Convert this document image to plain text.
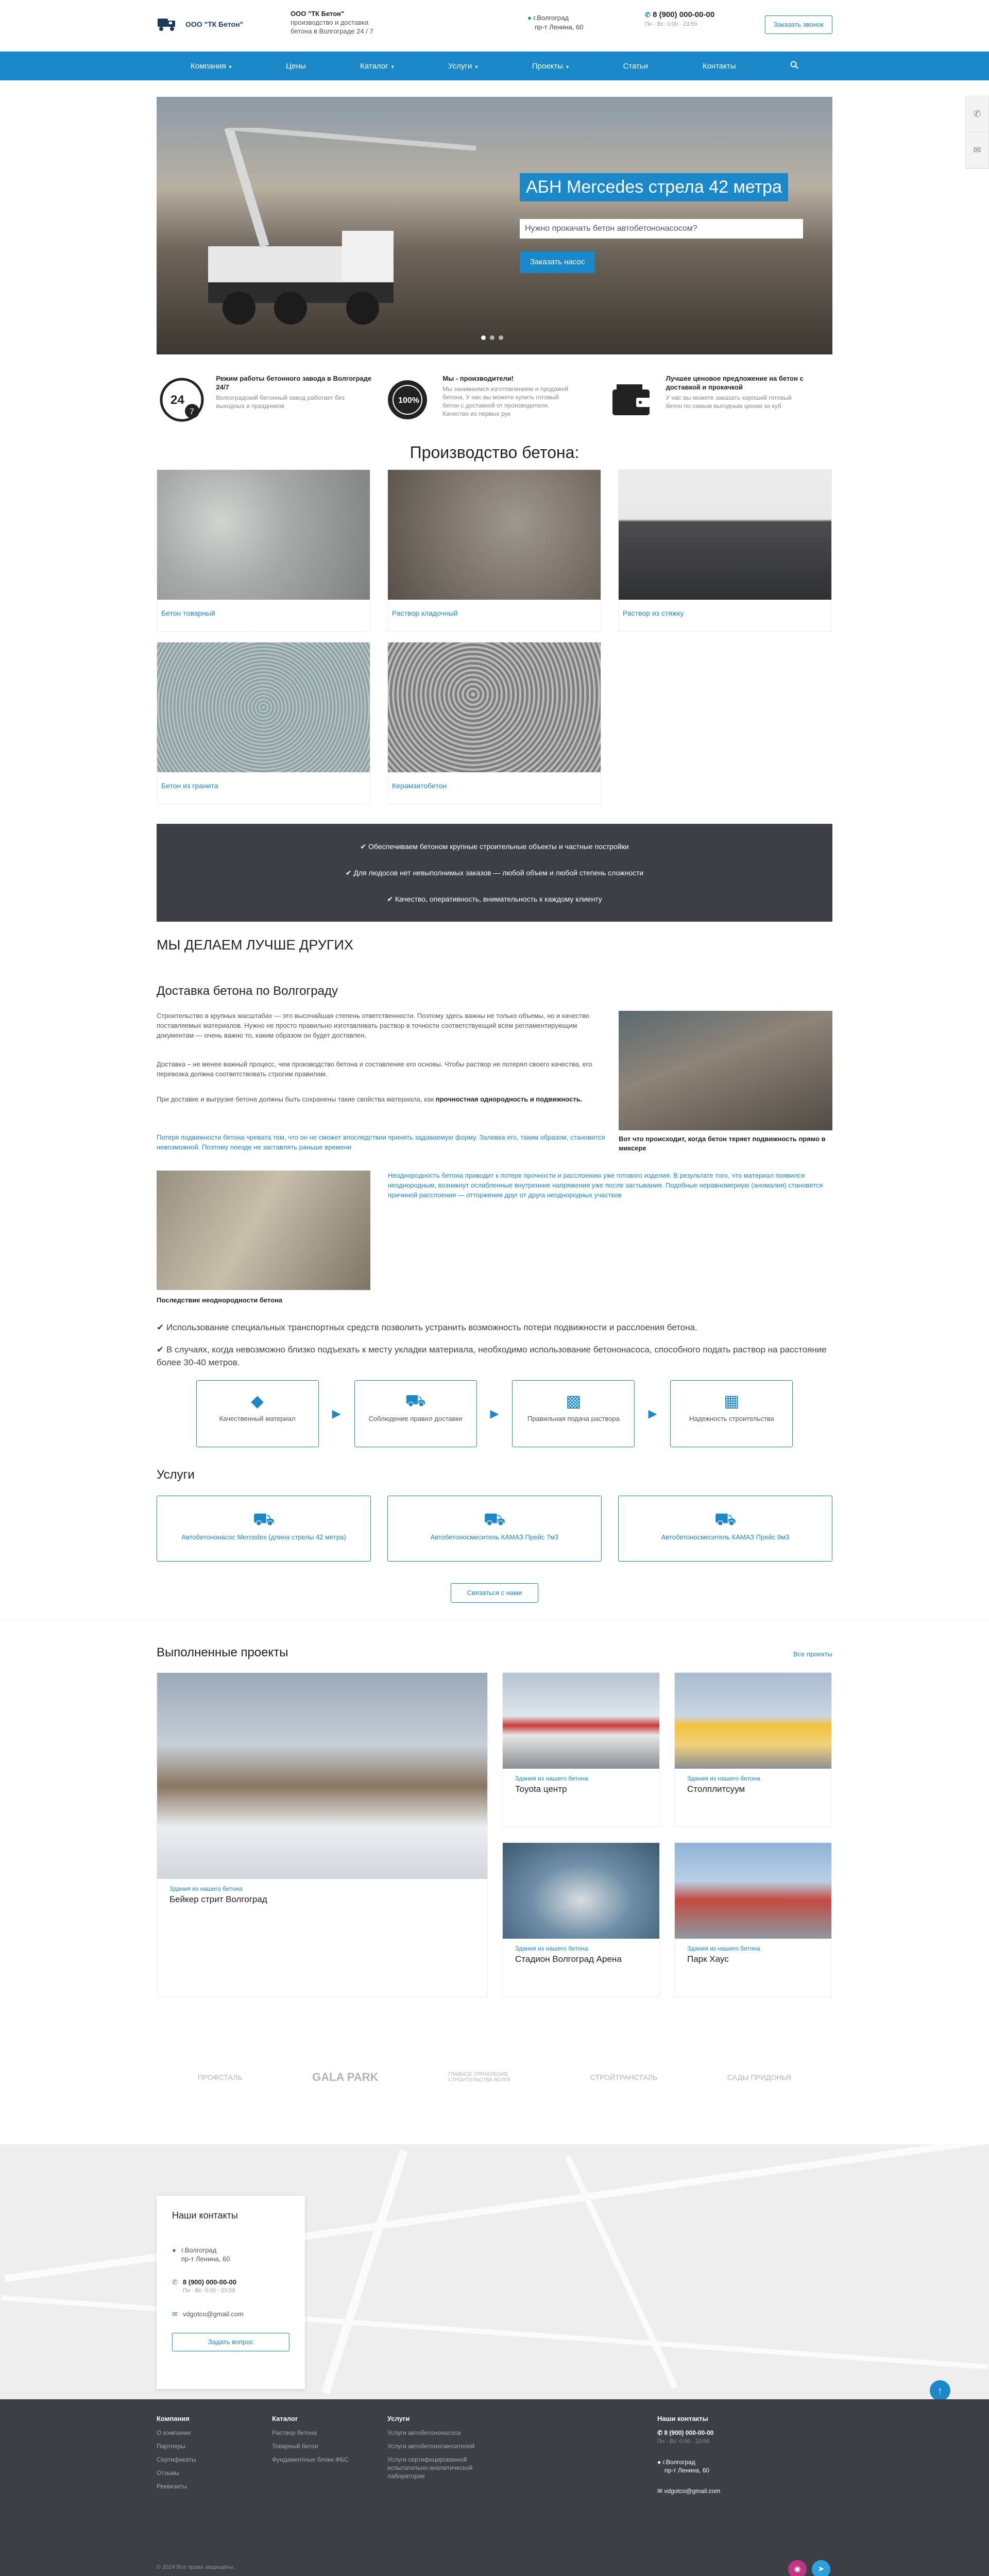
ООО "ТК Бетон"
ООО "ТК Бетон"
производство и доставка
бетона в Волгограде 24 / 7
● г.Волгоград
пр-т Ленина, 60
✆ 8 (900) 000-00-00
Пн - Вс: 0:00 - 23:59	Заказать звонок
Компания ▾	Цены	Каталог ▾	Услуги ▾	Проекты ▾	Статьи	Контакты
✆
✉
АБН Mercedes стрела 42 метра
Нужно прокачать бетон автобетононасосом?
Заказать насос
24
7
Режим работы бетонного завода в Волгограде 24/7

Волгоградский бетонный завод работает без выходных и праздников

100%
Мы - производители!

Мы занимаемся изготовлением и продажей бетона. У нас вы можете купить готовый бетон с доставкой от производителя. Качество из первых рук

Лучшее ценовое предложение на бетон с доставкой и прокачкой

У нас вы можете заказать хороший готовый бетон по самым выгодным ценам за куб

Производство бетона:
Бетон товарный	Раствор кладочный	Раствор из стяжку
Бетон из гранита	Керамзитобетон
✔ Обеспечиваем бетоном крупные строительные объекты и частные постройки
✔ Для людосов нет невыполнимых заказов — любой объем и любой степень сложности
✔ Качество, оперативность, внимательность к каждому клиенту
МЫ ДЕЛАЕМ ЛУЧШЕ ДРУГИХ
Доставка бетона по Волгограду

Строительство в крупных масштабах — это высочайшая степень ответственности. Поэтому здесь важны не только объемы, но и качество поставляемых материалов. Нужно не просто правильно изготавливать раствор в точности соответствующий всем регламентирующим документам — очень важно то, каким образом он будет доставлен.

Доставка – не менее важный процесс, чем производство бетона и составление его основы. Чтобы раствор не потерял своего качества, его перевозка должна соответствовать строгим правилам.

При доставке и выгрузке бетона должны быть сохранены такие свойства материала, как прочностная однородность и подвижность.

Потеря подвижности бетона чревата тем, что он не сможет впоследствии принять задаваемую форму. Заливка его, таким образом, становится невозможной. Поэтому поезде не заставлять раньше времени

Вот что происходит, когда бетон теряет подвижность прямо в миксере
Последствие неоднородности бетона

Неоднородность бетона приводит к потере прочности и расслоению уже готового изделия. В результате того, что материал появился неоднородным, возникнут ослабленные внутренние напряжения уже после застывания. Подобные неравномерную (аномалия) становятся причиной расслоения — отторжения друг от друга неоднородных участков

✔ Использование специальных транспортных средств позволить устранить возможность потери подвижности и расслоения бетона.

✔ В случаях, когда невозможно близко подъехать к месту укладки материала, необходимо использование бетононасоса, способного подать раствор на расстояние более 30-40 метров.

◆
Качественный материал	▶
⛟
Соблюдение правил доставки	▶
▩
Правильная подача раствора	▶
▦
Надежность строительства
Услуги
⛟
Автобетононасос Mercedes (длина стрелы 42 метра)
⛟
Автобетоносмеситель КАМАЗ Прейс 7м3
⛟
Автобетоносмеситель КАМАЗ Прейс 9м3
Связаться с нами
Выполненные проекты	Все проекты
Здания из нашего бетона
Бейкер стрит Волгоград
Здания из нашего бетона
Toyota центр
Здания из нашего бетона
Столплитсуум
Здания из нашего бетона
Стадион Волгоград Арена
Здания из нашего бетона
Парк Хаус
ПРОФСТАЛЬ	GALA PARK	ГЛАВНОЕ УПРАВЛЕНИЕ СТРОИТЕЛЬСТВА ВОЛГА	СТРОЙТРАНСТАЛЬ	САДЫ ПРИДОНЬЯ
Наши контакты
● г.Волгоград
пр-т Ленина, 60
✆ 8 (900) 000-00-00
Пн - Вс: 0:00 - 23:59
✉ vdgotco@gmail.com
Задать вопрос
↑
Компания
О компании
Партнеры
Сертификаты
Отзывы
Реквизиты
Каталог
Раствор бетона
Товарный бетон
Фундаментные блоки ФБС
Услуги
Услуги автобетононасоса
Услуги автобетоносмесителей
Услуги сертифицированной испытательно-аналитической лаборатории
Наши контакты
✆ 8 (900) 000-00-00
Пн - Вс: 0:00 - 23:59
● г.Волгоград
пр-т Ленина, 60
✉ vdgotco@gmail.com
© 2024 Все права защищены.	◉	➤
